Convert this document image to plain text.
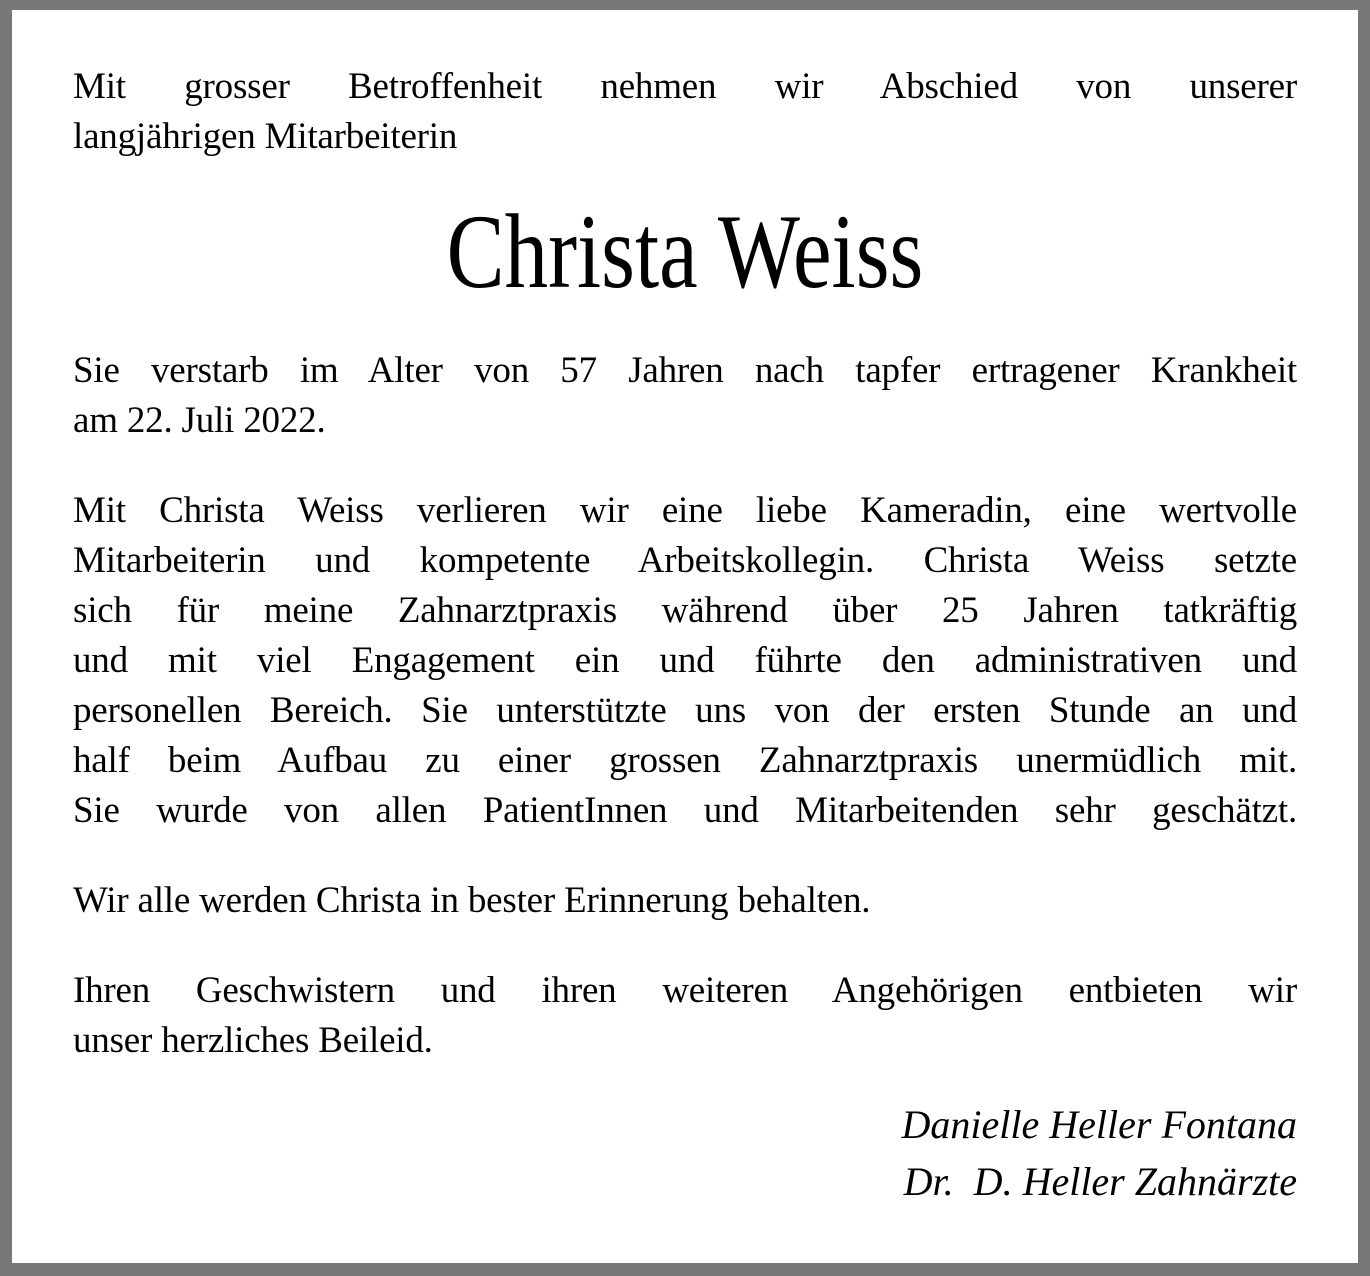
Mit grosser Betroffenheit nehmen wir Abschied von unserer
langjährigen Mitarbeiterin
Christa Weiss
Sie verstarb im Alter von 57 Jahren nach tapfer ertragener Krankheit
am 22. Juli 2022.
Mit Christa Weiss verlieren wir eine liebe Kameradin, eine wertvolle
Mitarbeiterin und kompetente Arbeitskollegin. Christa Weiss setzte
sich für meine Zahnarztpraxis während über 25 Jahren tatkräftig
und mit viel Engagement ein und führte den administrativen und
personellen Bereich. Sie unterstützte uns von der ersten Stunde an und
half beim Aufbau zu einer grossen Zahnarztpraxis unermüdlich mit.
Sie wurde von allen PatientInnen und Mitarbeitenden sehr geschätzt.
Wir alle werden Christa in bester Erinnerung behalten.
Ihren Geschwistern und ihren weiteren Angehörigen entbieten wir
unser herzliches Beileid.
Danielle Heller Fontana
Dr.  D. Heller Zahnärzte
